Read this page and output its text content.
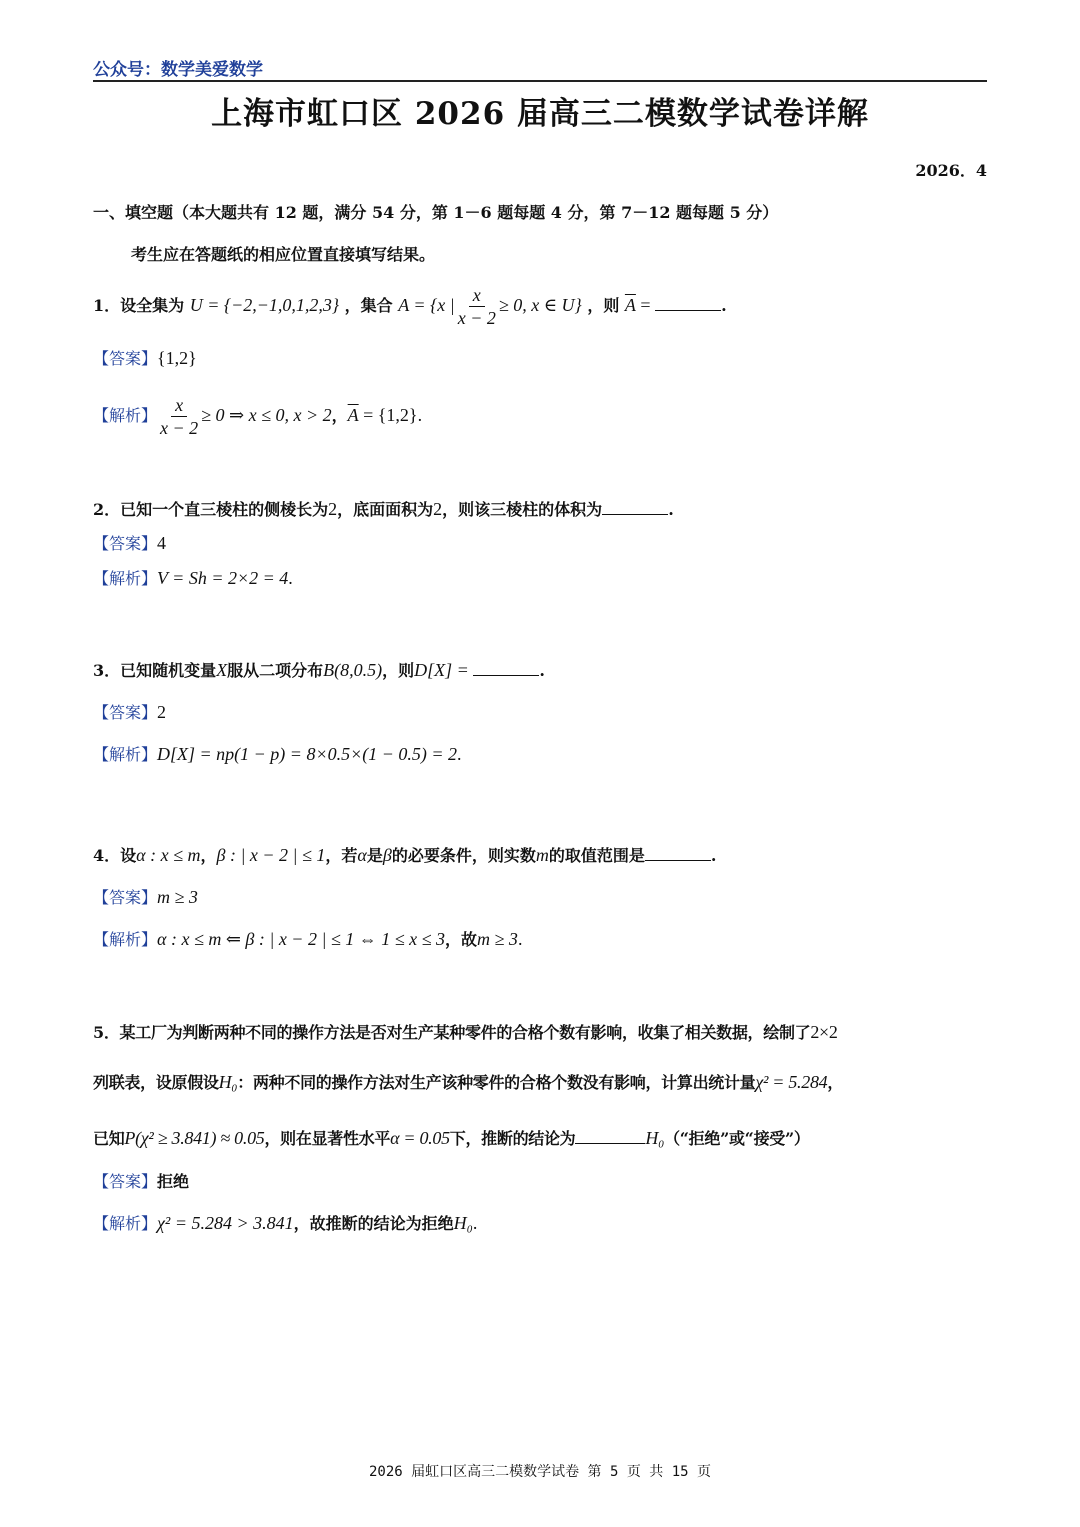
公众号：数学美爱数学
上海市虹口区 2026 届高三二模数学试卷详解
2026．4
一、填空题（本大题共有 12 题，满分 54 分，第 1－6 题每题 4 分，第 7－12 题每题 5 分）
考生应在答题纸的相应位置直接填写结果。
1．设全集为 U = {−2,−1,0,1,2,3} ，集合 A = {x | $\frac{x}{x - 2} \ge 0$, x ∈ U} ，则 $\overline{A}$ =	.
【答案】{1,2}
【解析】 $\frac{x}{x - 2} \ge 0$ ⇒ x ≤ 0, x > 2，$\overline{A} = \{1,2\}$.
2．已知一个直三棱柱的侧棱长为2，底面面积为2，则该三棱柱的体积为	.
【答案】4
【解析】V = Sh = 2×2 = 4.
3．已知随机变量X服从二项分布B(8,0.5)，则D[X] =	.
【答案】2
【解析】D[X] = np(1 − p) = 8×0.5×(1 − 0.5) = 2.
4．设α : x ≤ m，β : | x − 2 | ≤ 1，若α是β的必要条件，则实数m的取值范围是	.
【答案】m ≥ 3
【解析】α : x ≤ m ⇐ β : | x − 2 | ≤ 1 ⇔ 1 ≤ x ≤ 3，故m ≥ 3.
5．某工厂为判断两种不同的操作方法是否对生产某种零件的合格个数有影响，收集了相关数据，绘制了2×2
列联表，设原假设H₀：两种不同的操作方法对生产该种零件的合格个数没有影响，计算出统计量χ² = 5.284，
已知P(χ² ≥ 3.841) ≈ 0.05，则在显著性水平α = 0.05下，推断的结论为	H₀（“拒绝”或“接受”）
【答案】拒绝
【解析】χ² = 5.284 > 3.841，故推断的结论为拒绝H₀.
2026 届虹口区高三二模数学试卷 第 5 页 共 15 页
